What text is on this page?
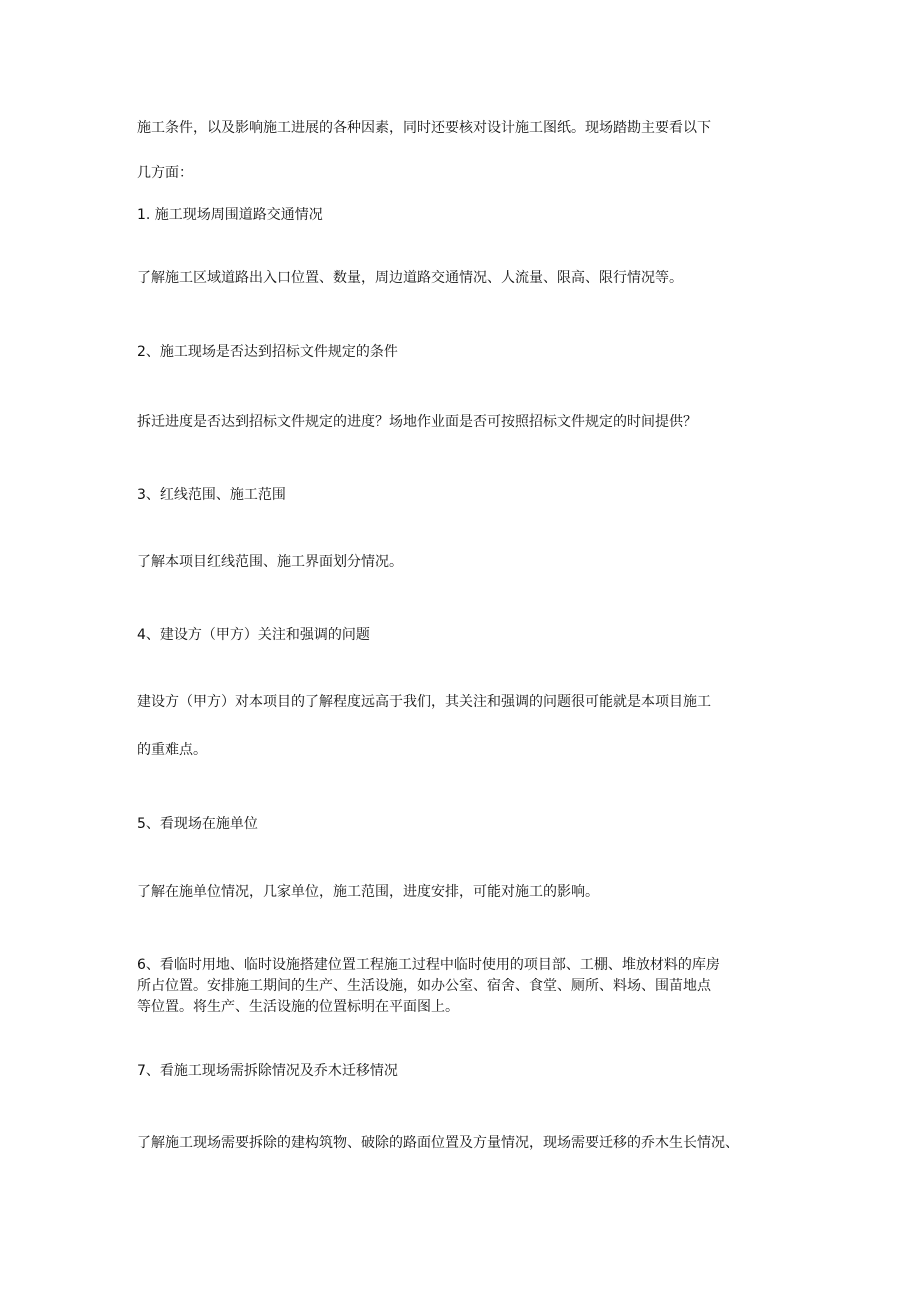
施工条件，以及影响施工进展的各种因素，同时还要核对设计施工图纸。现场踏勘主要看以下

几方面：

1. 施工现场周围道路交通情况

了解施工区域道路出入口位置、数量，周边道路交通情况、人流量、限高、限行情况等。

2、施工现场是否达到招标文件规定的条件

拆迁进度是否达到招标文件规定的进度？场地作业面是否可按照招标文件规定的时间提供？

3、红线范围、施工范围

了解本项目红线范围、施工界面划分情况。

4、建设方（甲方）关注和强调的问题

建设方（甲方）对本项目的了解程度远高于我们，其关注和强调的问题很可能就是本项目施工

的重难点。

5、看现场在施单位

了解在施单位情况，几家单位，施工范围，进度安排，可能对施工的影响。

6、看临时用地、临时设施搭建位置工程施工过程中临时使用的项目部、工棚、堆放材料的库房

所占位置。安排施工期间的生产、生活设施，如办公室、宿舍、食堂、厕所、料场、围苗地点

等位置。将生产、生活设施的位置标明在平面图上。

7、看施工现场需拆除情况及乔木迁移情况

了解施工现场需要拆除的建构筑物、破除的路面位置及方量情况，现场需要迁移的乔木生长情况、
